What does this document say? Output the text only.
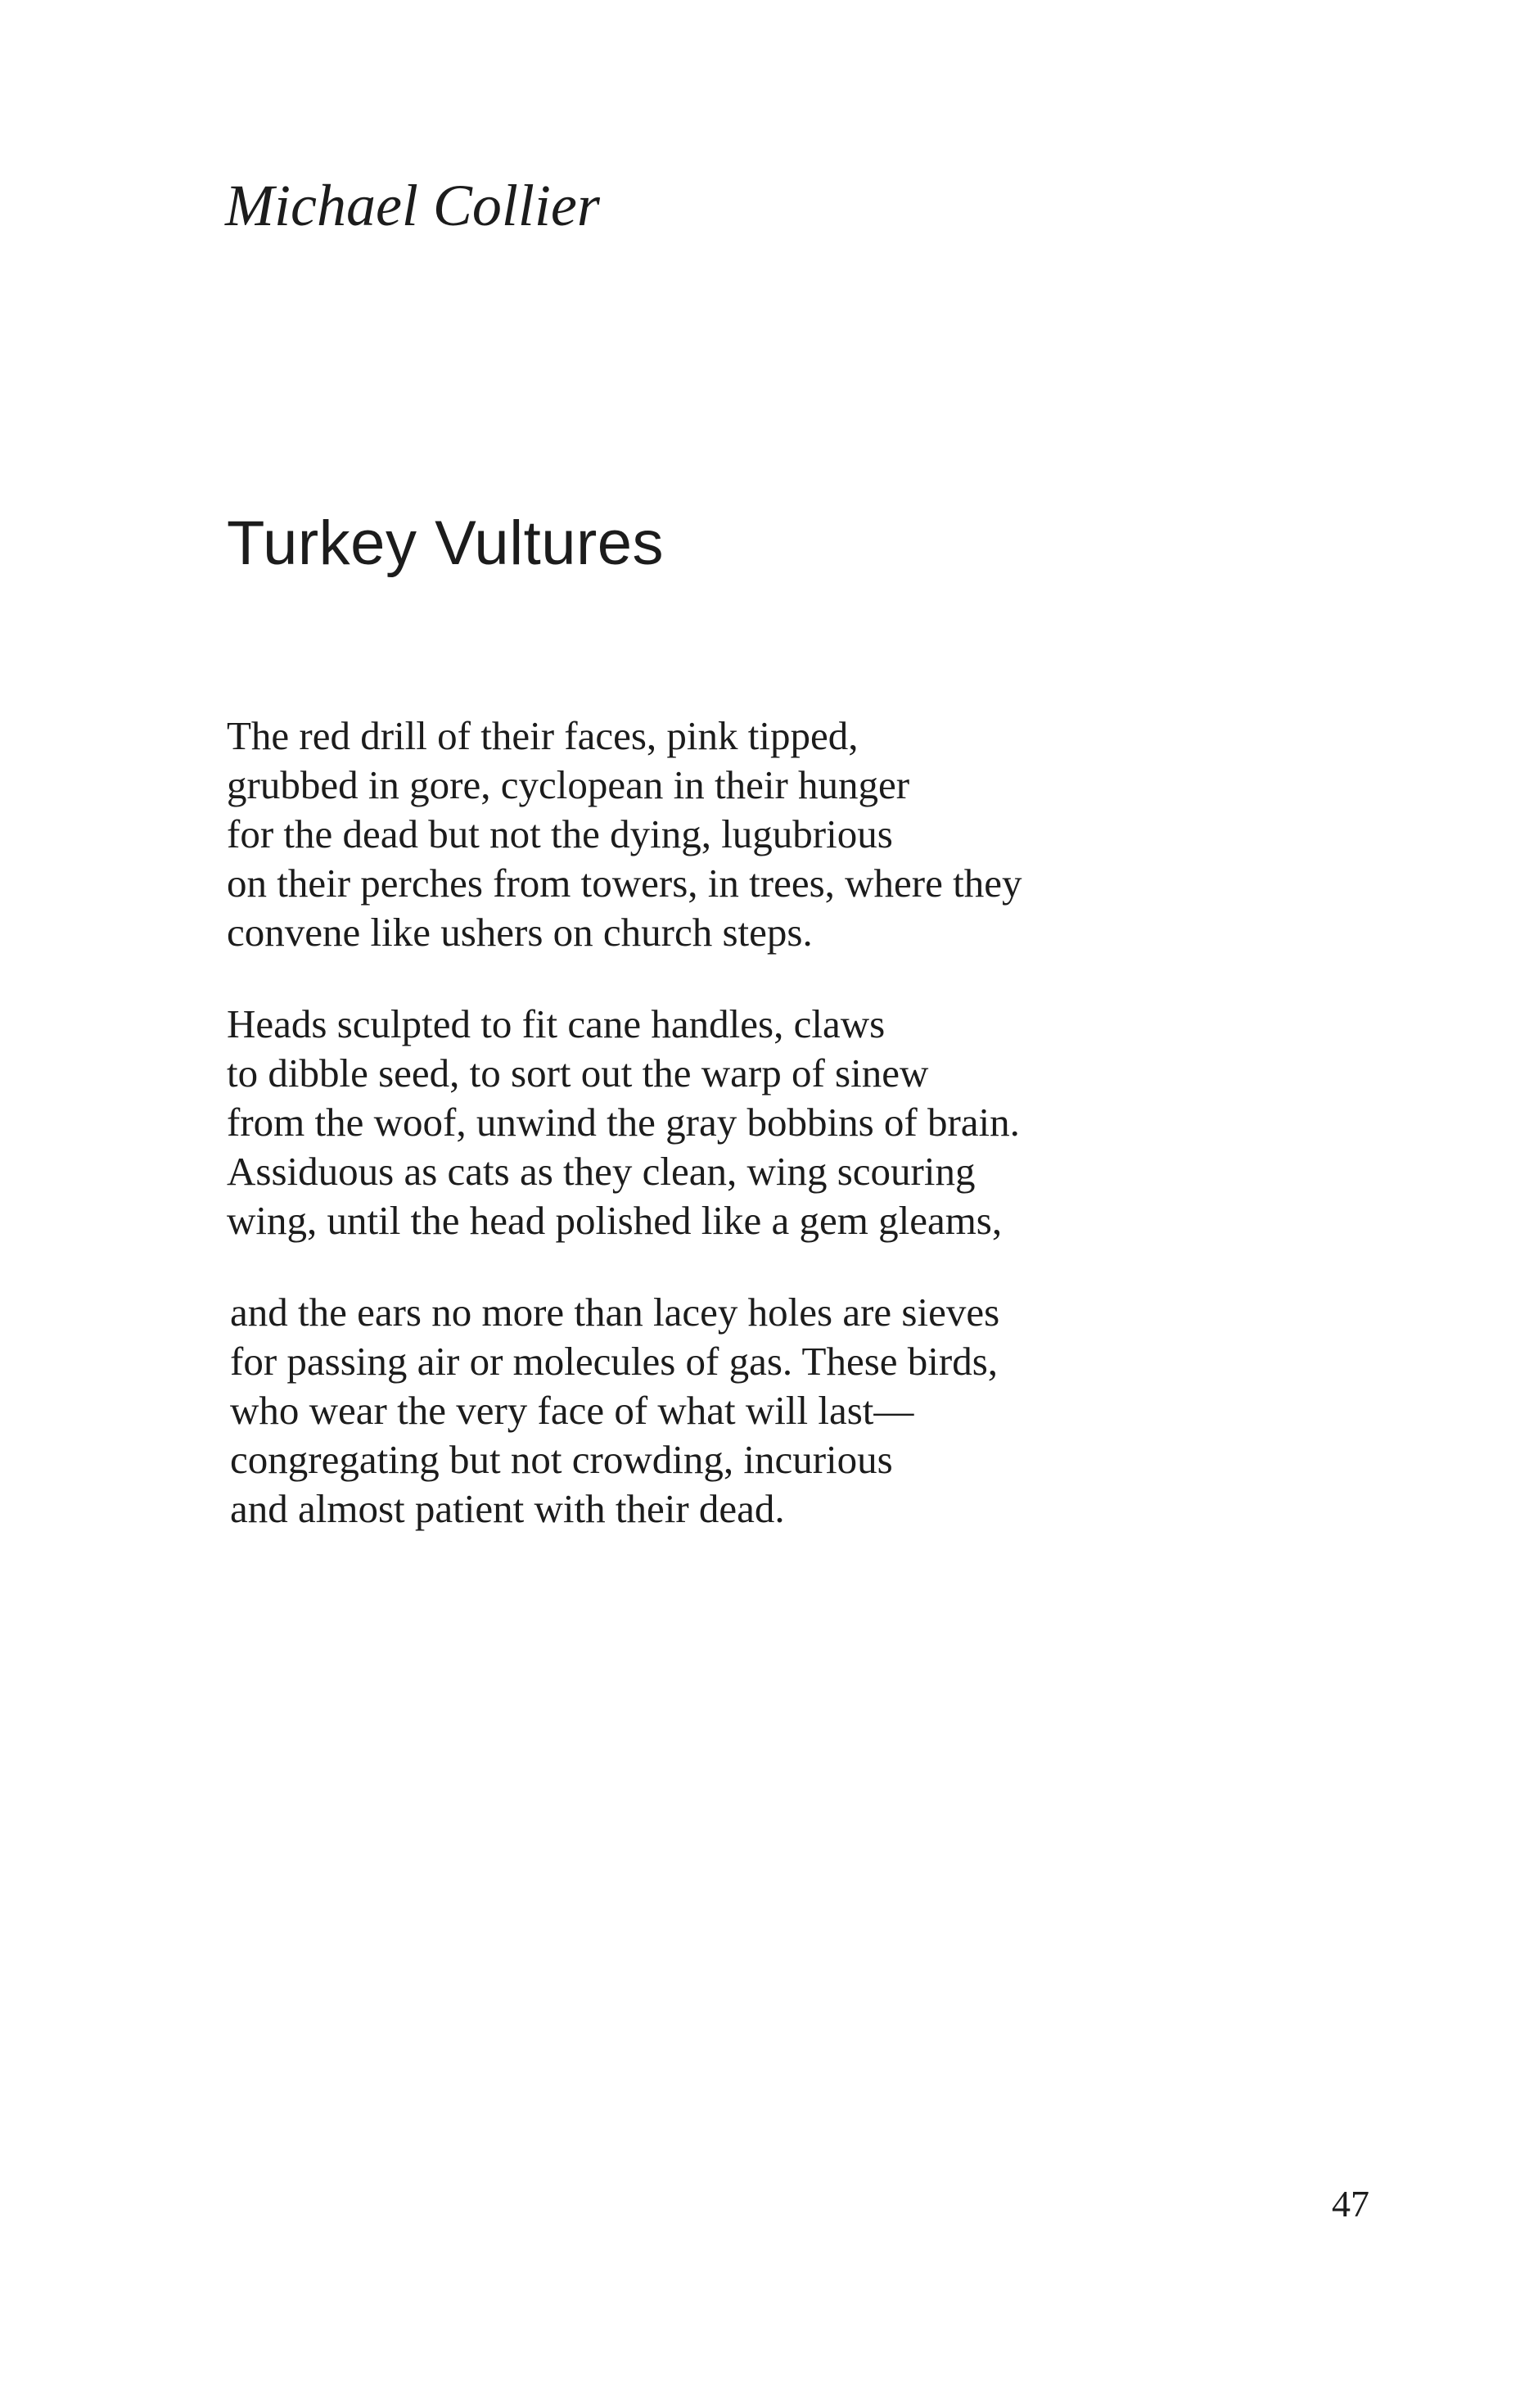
Michael Collier
Turkey Vultures
The red drill of their faces, pink tipped,
grubbed in gore, cyclopean in their hunger
for the dead but not the dying, lugubrious
on their perches from towers, in trees, where they
convene like ushers on church steps.
Heads sculpted to fit cane handles, claws
to dibble seed, to sort out the warp of sinew
from the woof, unwind the gray bobbins of brain.
Assiduous as cats as they clean, wing scouring
wing, until the head polished like a gem gleams,
and the ears no more than lacey holes are sieves
for passing air or molecules of gas. These birds,
who wear the very face of what will last—
congregating but not crowding, incurious
and almost patient with their dead.
47
